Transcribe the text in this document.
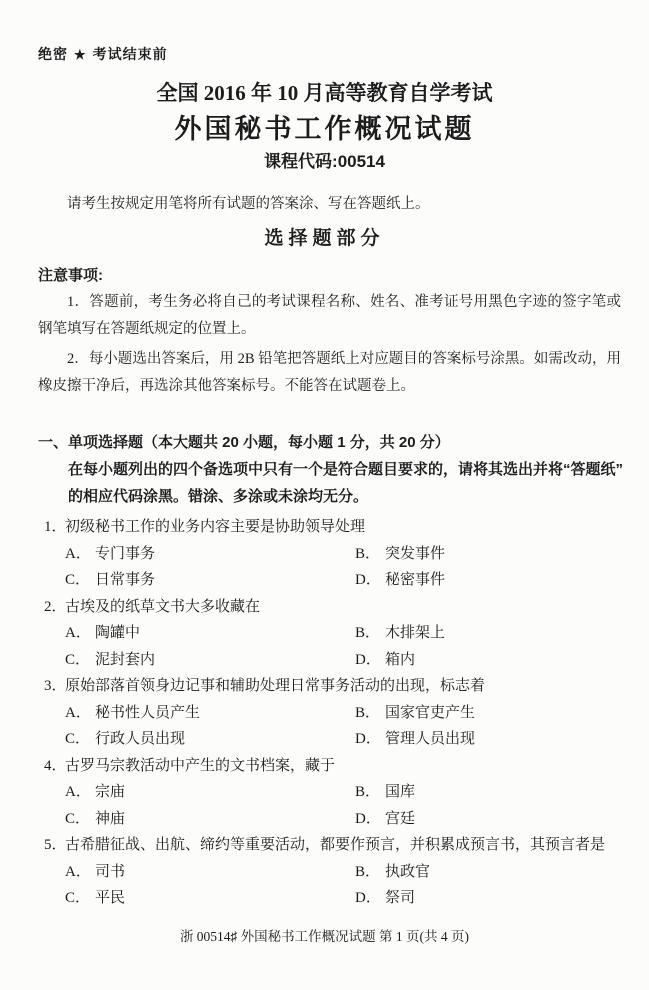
绝密 ★ 考试结束前
全国 2016 年 10 月高等教育自学考试
外国秘书工作概况试题
课程代码:00514
请考生按规定用笔将所有试题的答案涂、写在答题纸上。
选择题部分
注意事项:
1．答题前，考生务必将自己的考试课程名称、姓名、准考证号用黑色字迹的签字笔或钢笔填写在答题纸规定的位置上。
2．每小题选出答案后，用 2B 铅笔把答题纸上对应题目的答案标号涂黑。如需改动，用橡皮擦干净后，再选涂其他答案标号。不能答在试题卷上。
一、单项选择题（本大题共 20 小题，每小题 1 分，共 20 分）
在每小题列出的四个备选项中只有一个是符合题目要求的，请将其选出并将“答题纸”
的相应代码涂黑。错涂、多涂或未涂均无分。
1．
初级秘书工作的业务内容主要是协助领导处理
A． 专门事务	B． 突发事件
C． 日常事务	D． 秘密事件
2．
古埃及的纸草文书大多收藏在
A． 陶罐中	B． 木排架上
C． 泥封套内	D． 箱内
3．
原始部落首领身边记事和辅助处理日常事务活动的出现，标志着
A． 秘书性人员产生	B． 国家官吏产生
C． 行政人员出现	D． 管理人员出现
4．
古罗马宗教活动中产生的文书档案，藏于
A． 宗庙	B． 国库
C． 神庙	D． 宫廷
5．
古希腊征战、出航、缔约等重要活动，都要作预言，并积累成预言书，其预言者是
A． 司书	B． 执政官
C． 平民	D． 祭司
浙 00514♯ 外国秘书工作概况试题 第 1 页(共 4 页)
